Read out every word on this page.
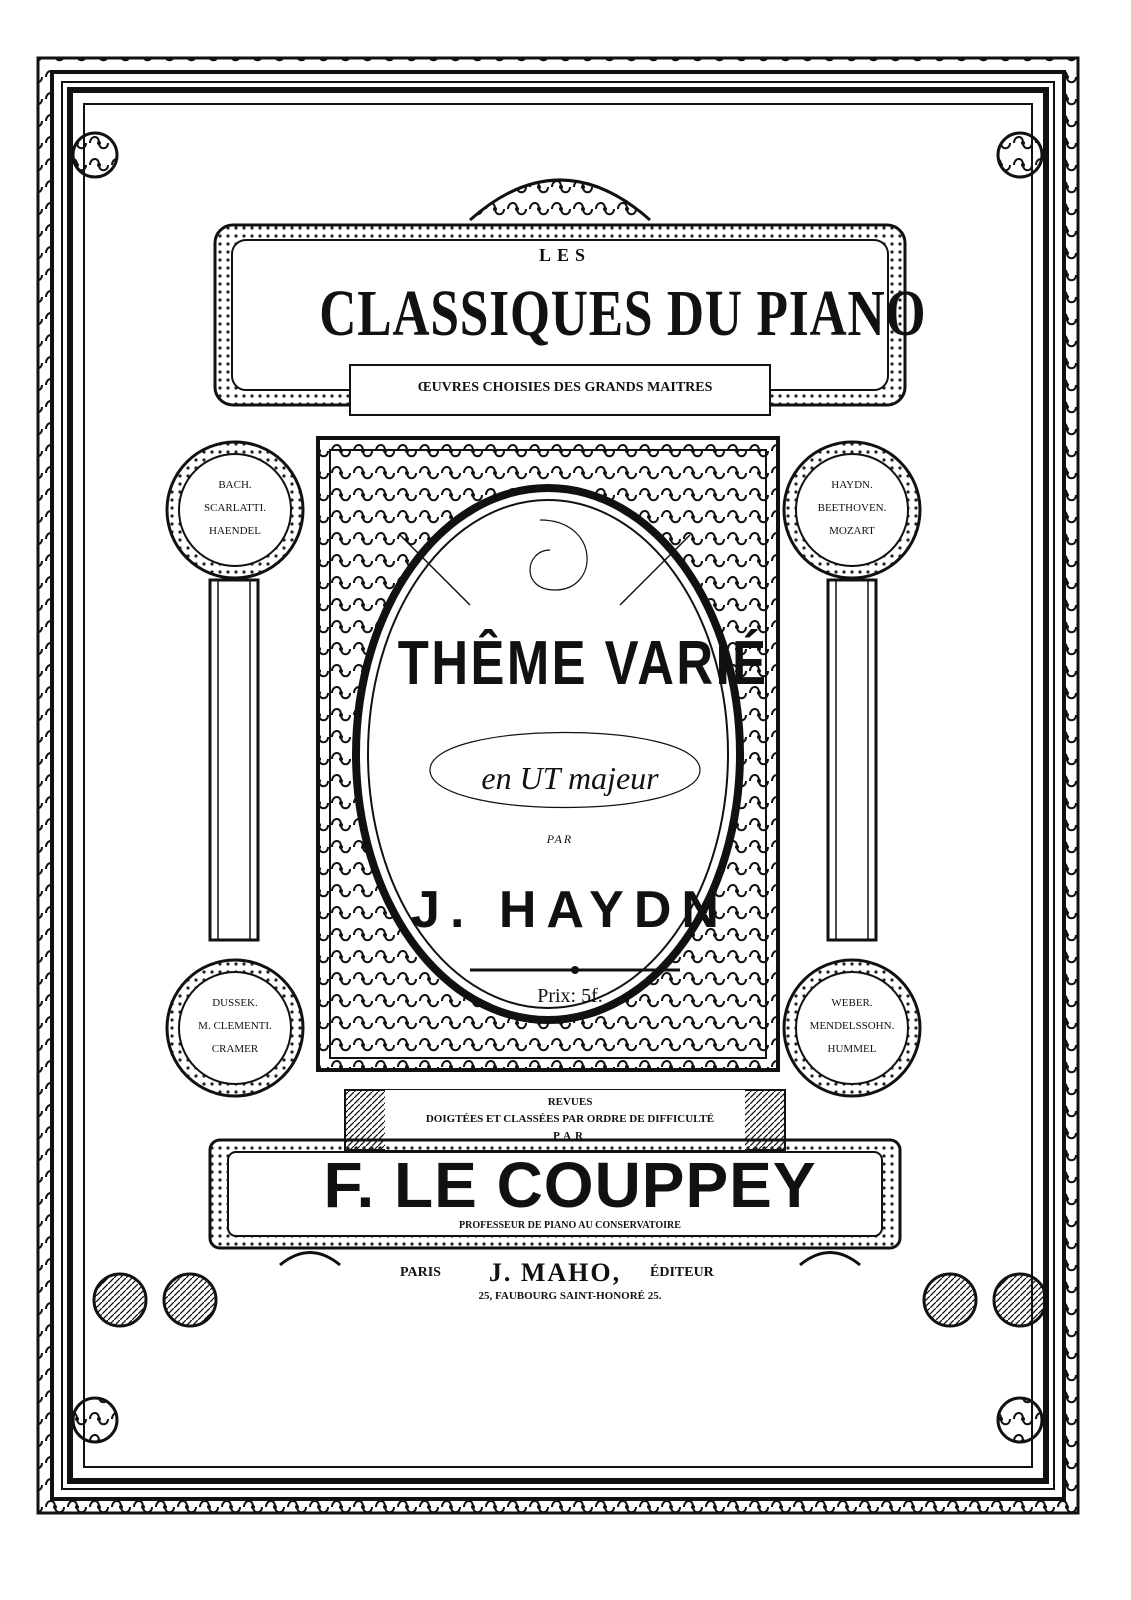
LES
CLASSIQUES DU PIANO
ŒUVRES CHOISIES DES GRANDS MAITRES
BACH.
SCARLATTI.
HAENDEL
HAYDN.
BEETHOVEN.
MOZART
DUSSEK.
M. CLEMENTI.
CRAMER
WEBER.
MENDELSSOHN.
HUMMEL
THÊME VARIÉ
en UT majeur
PAR
J. HAYDN
Prix: 5f.
REVUES
DOIGTÉES ET CLASSÉES PAR ORDRE DE DIFFICULTÉ
PAR
F. LE COUPPEY
PROFESSEUR DE PIANO AU CONSERVATOIRE
PARIS	J. MAHO,	ÉDITEUR
25, FAUBOURG SAINT-HONORÉ 25.
